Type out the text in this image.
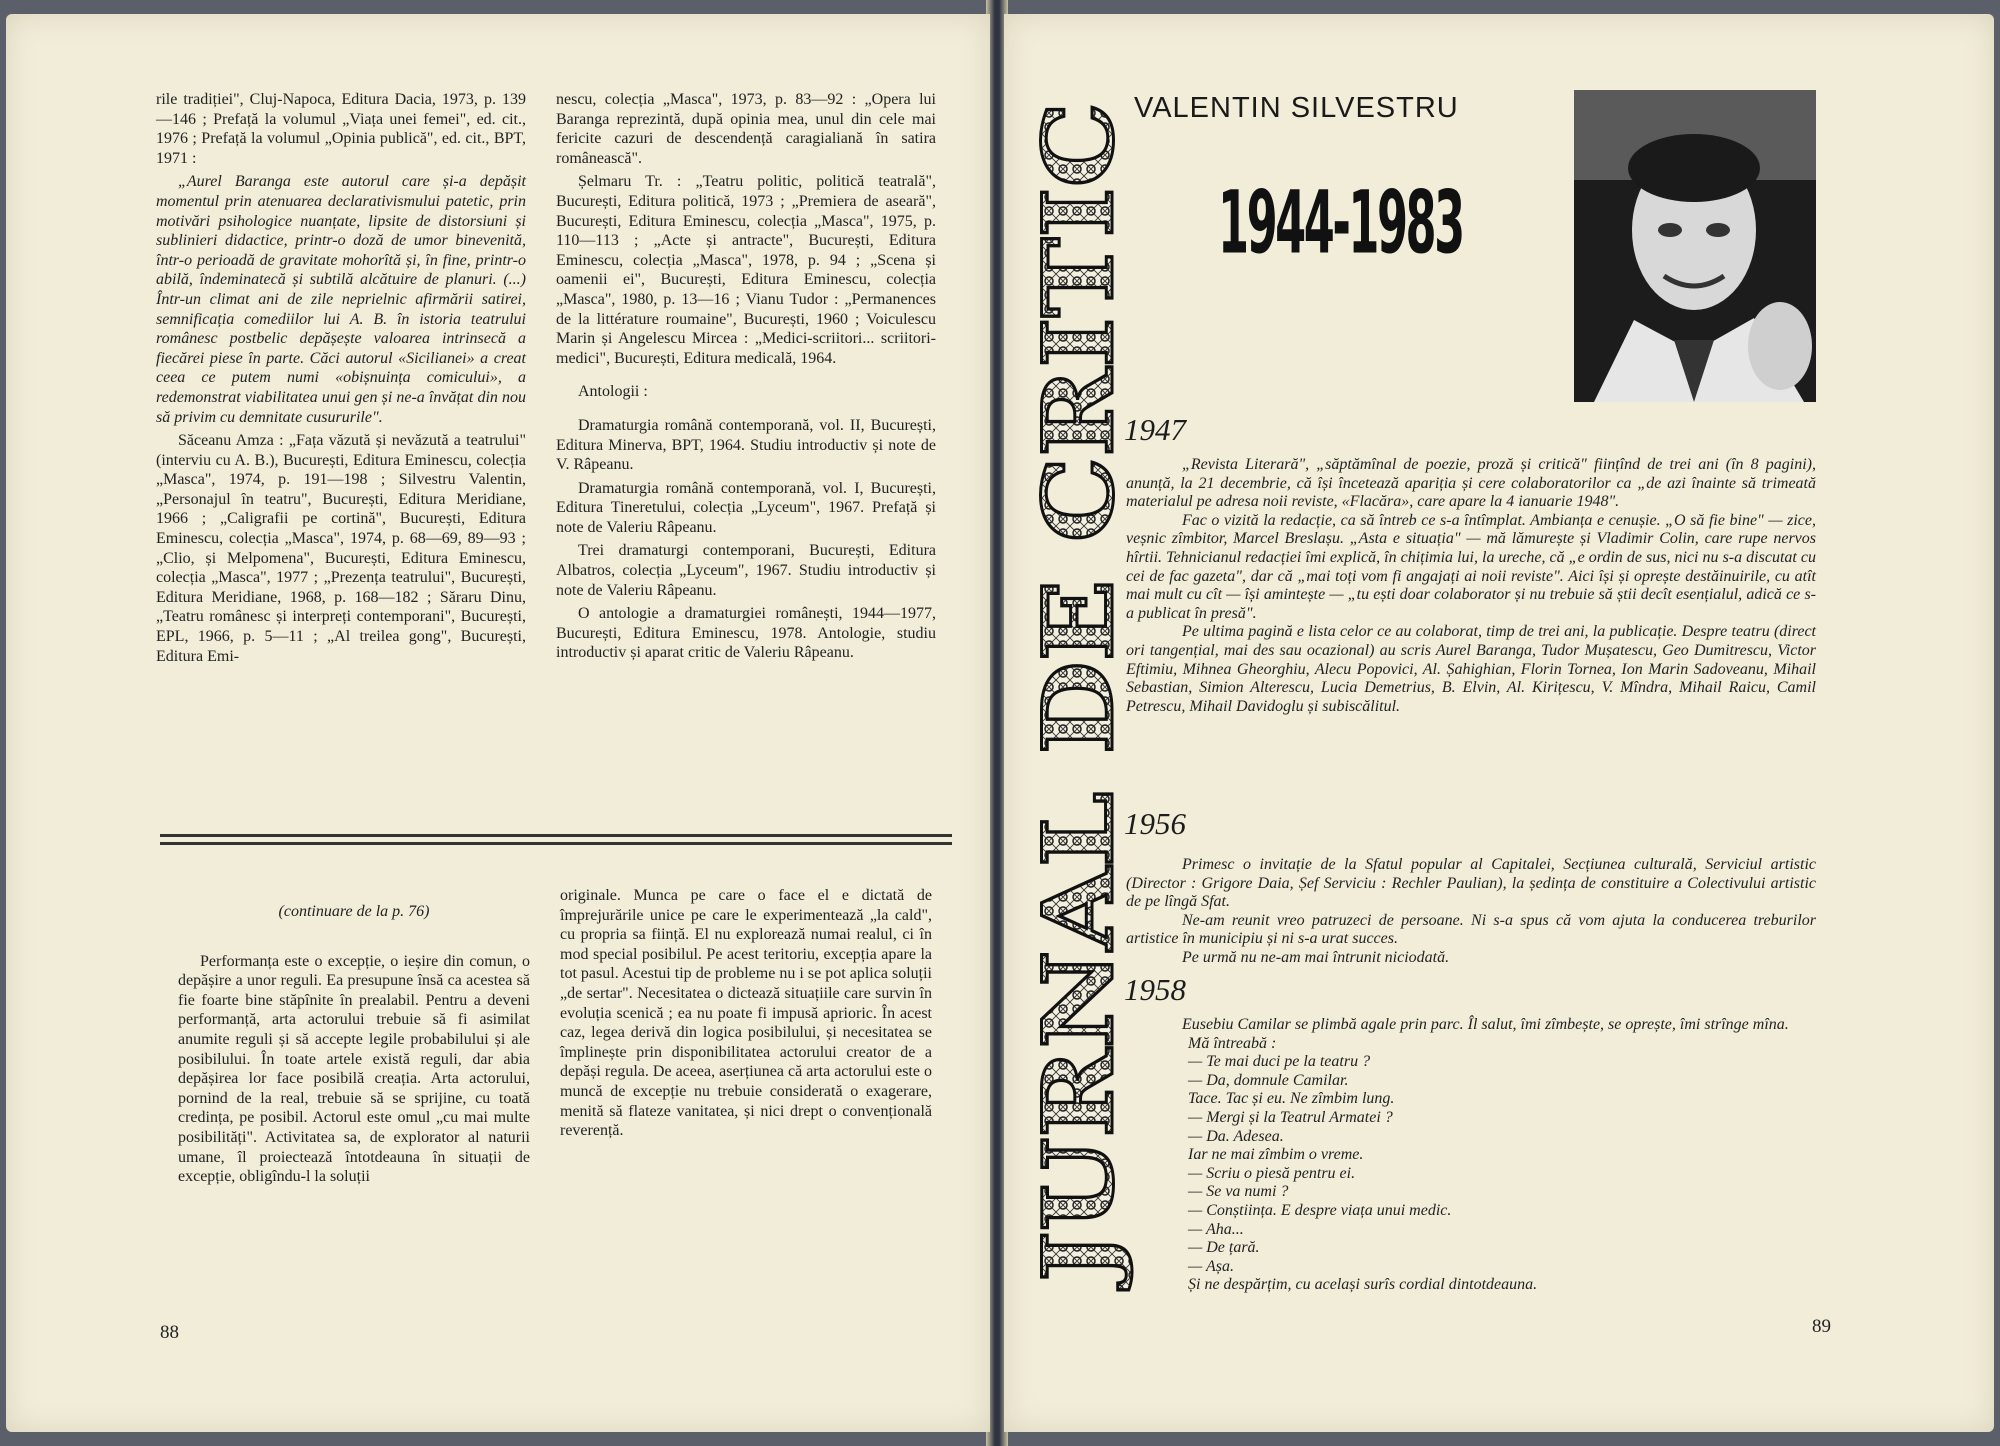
rile tradiției", Cluj-Napoca, Editura Dacia, 1973, p. 139—146 ; Prefață la volumul „Viața unei femei", ed. cit., 1976 ; Prefață la volumul „Opinia publică", ed. cit., BPT, 1971 :

„Aurel Baranga este autorul care și-a depășit momentul prin atenuarea declarativismului patetic, prin motivări psihologice nuanțate, lipsite de distorsiuni și sublinieri didactice, printr-o doză de umor binevenită, într-o perioadă de gravitate mohorîtă și, în fine, printr-o abilă, îndeminatecă și subtilă alcătuire de planuri. (...) Într-un climat ani de zile neprielnic afirmării satirei, semnificația comediilor lui A. B. în istoria teatrului românesc postbelic depășește valoarea intrinsecă a fiecărei piese în parte. Căci autorul «Sicilianei» a creat ceea ce putem numi «obișnuința comicului», a redemonstrat viabilitatea unui gen și ne-a învățat din nou să privim cu demnitate cusururile".

Săceanu Amza : „Fața văzută și nevăzută a teatrului" (interviu cu A. B.), București, Editura Eminescu, colecția „Masca", 1974, p. 191—198 ; Silvestru Valentin, „Personajul în teatru", București, Editura Meridiane, 1966 ; „Caligrafii pe cortină", București, Editura Eminescu, colecția „Masca", 1974, p. 68—69, 89—93 ; „Clio, și Melpomena", București, Editura Eminescu, colecția „Masca", 1977 ; „Prezența teatrului", București, Editura Meridiane, 1968, p. 168—182 ; Săraru Dinu, „Teatru românesc și interpreți contemporani", București, EPL, 1966, p. 5—11 ; „Al treilea gong", București, Editura Emi-

nescu, colecția „Masca", 1973, p. 83—92 : „Opera lui Baranga reprezintă, după opinia mea, unul din cele mai fericite cazuri de descendență caragialiană în satira românească".

Șelmaru Tr. : „Teatru politic, politică teatrală", București, Editura politică, 1973 ; „Premiera de aseară", București, Editura Eminescu, colecția „Masca", 1975, p. 110—113 ; „Acte și antracte", București, Editura Eminescu, colecția „Masca", 1978, p. 94 ; „Scena și oamenii ei", București, Editura Eminescu, colecția „Masca", 1980, p. 13—16 ; Vianu Tudor : „Permanences de la littérature roumaine", București, 1960 ; Voiculescu Marin și Angelescu Mircea : „Medici-scriitori... scriitori-medici", București, Editura medicală, 1964.

Antologii :

Dramaturgia română contemporană, vol. II, București, Editura Minerva, BPT, 1964. Studiu introductiv și note de V. Râpeanu.

Dramaturgia română contemporană, vol. I, București, Editura Tineretului, colecția „Lyceum", 1967. Prefață și note de Valeriu Râpeanu.

Trei dramaturgi contemporani, București, Editura Albatros, colecția „Lyceum", 1967. Studiu introductiv și note de Valeriu Râpeanu.

O antologie a dramaturgiei românești, 1944—1977, București, Editura Eminescu, 1978. Antologie, studiu introductiv și aparat critic de Valeriu Râpeanu.

(continuare de la p. 76)

Performanța este o excepție, o ieșire din comun, o depășire a unor reguli. Ea presupune însă ca acestea să fie foarte bine stăpînite în prealabil. Pentru a deveni performanță, arta actorului trebuie să fi asimilat anumite reguli și să accepte legile probabilului și ale posibilului. În toate artele există reguli, dar abia depășirea lor face posibilă creația. Arta actorului, pornind de la real, trebuie să se sprijine, cu toată credința, pe posibil. Actorul este omul „cu mai multe posibilități". Activitatea sa, de explorator al naturii umane, îl proiectează întotdeauna în situații de excepție, obligîndu-l la soluții

originale. Munca pe care o face el e dictată de împrejurările unice pe care le experimentează „la cald", cu propria sa ființă. El nu explorează numai realul, ci în mod special posibilul. Pe acest teritoriu, excepția apare la tot pasul. Acestui tip de probleme nu i se pot aplica soluții „de sertar". Necesitatea o dictează situațiile care survin în evoluția scenică ; ea nu poate fi impusă aprioric. În acest caz, legea derivă din logica posibilului, și necesitatea se împlinește prin disponibilitatea actorului creator de a depăși regula. De aceea, aserțiunea că arta actorului este o muncă de excepție nu trebuie considerată o exagerare, menită să flateze vanitatea, și nici drept o convențională reverență.

88
JURNAL DE CRITIC
VALENTIN SILVESTRU
1944-1983
1947

„Revista Literară", „săptămînal de poezie, proză și critică" ființînd de trei ani (în 8 pagini), anunță, la 21 decembrie, că își încetează apariția și cere colaboratorilor ca „de azi înainte să trimeată materialul pe adresa noii reviste, «Flacăra», care apare la 4 ianuarie 1948".

Fac o vizită la redacție, ca să întreb ce s-a întîmplat. Ambianța e cenușie. „O să fie bine" — zice, veșnic zîmbitor, Marcel Breslașu. „Asta e situația" — mă lămurește și Vladimir Colin, care rupe nervos hîrtii. Tehnicianul redacției îmi explică, în chițimia lui, la ureche, că „e ordin de sus, nici nu s-a discutat cu cei de fac gazeta", dar că „mai toți vom fi angajați ai noii reviste". Aici își și oprește destăinuirile, cu atît mai mult cu cît — își amintește — „tu ești doar colaborator și nu trebuie să știi decît esențialul, adică ce s-a publicat în presă".

Pe ultima pagină e lista celor ce au colaborat, timp de trei ani, la publicație. Despre teatru (direct ori tangențial, mai des sau ocazional) au scris Aurel Baranga, Tudor Mușatescu, Geo Dumitrescu, Victor Eftimiu, Mihnea Gheorghiu, Alecu Popovici, Al. Șahighian, Florin Tornea, Ion Marin Sadoveanu, Mihail Sebastian, Simion Alterescu, Lucia Demetrius, B. Elvin, Al. Kirițescu, V. Mîndra, Mihail Raicu, Camil Petrescu, Mihail Davidoglu și subiscălitul.

1956

Primesc o invitație de la Sfatul popular al Capitalei, Secțiunea culturală, Serviciul artistic (Director : Grigore Daia, Șef Serviciu : Rechler Paulian), la ședința de constituire a Colectivului artistic de pe lîngă Sfat.

Ne-am reunit vreo patruzeci de persoane. Ni s-a spus că vom ajuta la conducerea treburilor artistice în municipiu și ni s-a urat succes.

Pe urmă nu ne-am mai întrunit niciodată.

1958

Eusebiu Camilar se plimbă agale prin parc. Îl salut, îmi zîmbește, se oprește, îmi strînge mîna.

Mă întreabă :

— Te mai duci pe la teatru ?

— Da, domnule Camilar.

Tace. Tac și eu. Ne zîmbim lung.

— Mergi și la Teatrul Armatei ?

— Da. Adesea.

Iar ne mai zîmbim o vreme.

— Scriu o piesă pentru ei.

— Se va numi ?

— Conștiința. E despre viața unui medic.

— Aha...

— De țară.

— Așa.

Și ne despărțim, cu același surîs cordial dintotdeauna.

89
